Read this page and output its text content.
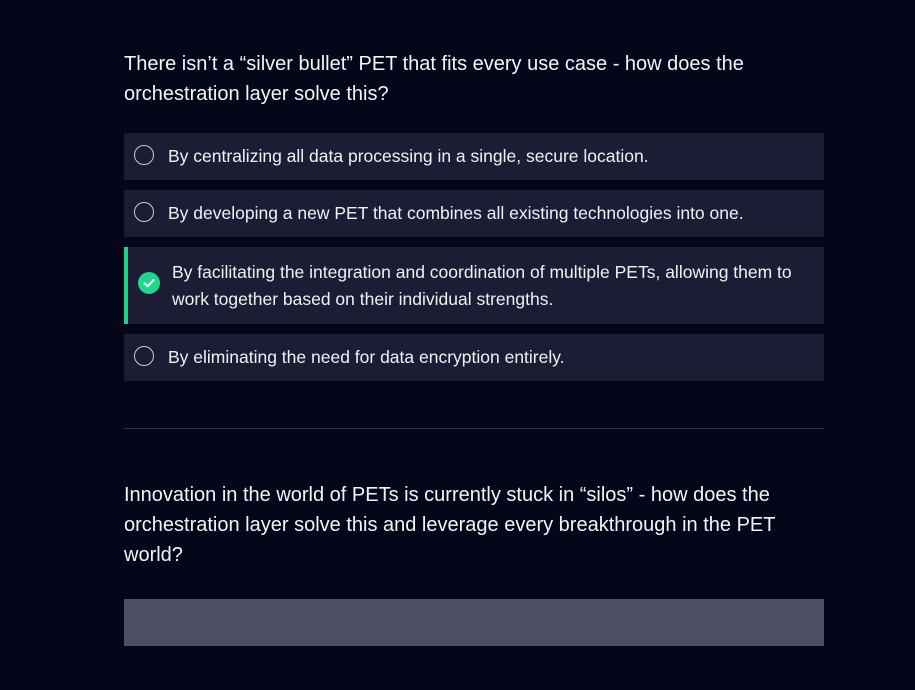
There isn’t a “silver bullet” PET that fits every use case - how does the orchestration layer solve this?

By centralizing all data processing in a single, secure location.
By developing a new PET that combines all existing technologies into one.
By facilitating the integration and coordination of multiple PETs, allowing them to work together based on their individual strengths.
By eliminating the need for data encryption entirely.

Innovation in the world of PETs is currently stuck in “silos” - how does the orchestration layer solve this and leverage every breakthrough in the PET world?
